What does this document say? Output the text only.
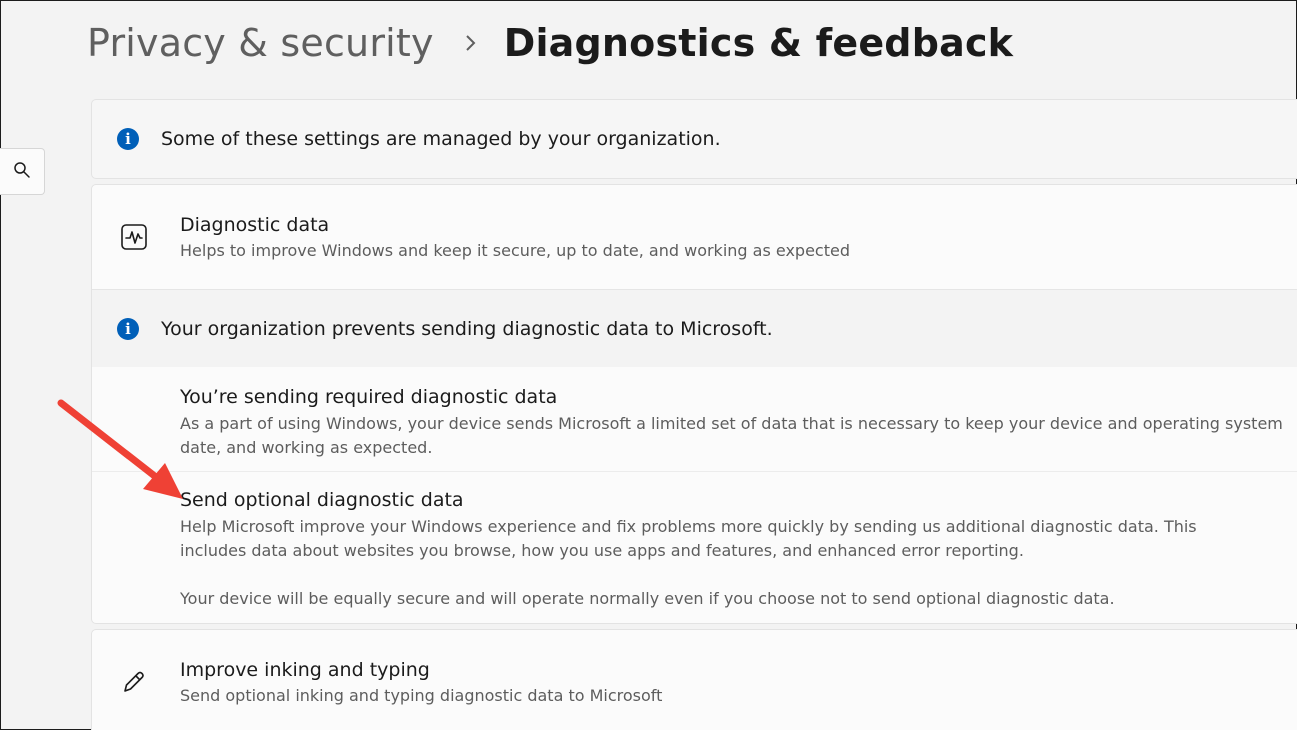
Privacy & security Diagnostics & feedback
i	Some of these settings are managed by your organization.
Diagnostic data
Helps to improve Windows and keep it secure, up to date, and working as expected
i	Your organization prevents sending diagnostic data to Microsoft.
You’re sending required diagnostic data
As a part of using Windows, your device sends Microsoft a limited set of data that is necessary to keep your device and operating system
date, and working as expected.
Send optional diagnostic data
Help Microsoft improve your Windows experience and fix problems more quickly by sending us additional diagnostic data. This
includes data about websites you browse, how you use apps and features, and enhanced error reporting.
Your device will be equally secure and will operate normally even if you choose not to send optional diagnostic data.
Improve inking and typing
Send optional inking and typing diagnostic data to Microsoft
